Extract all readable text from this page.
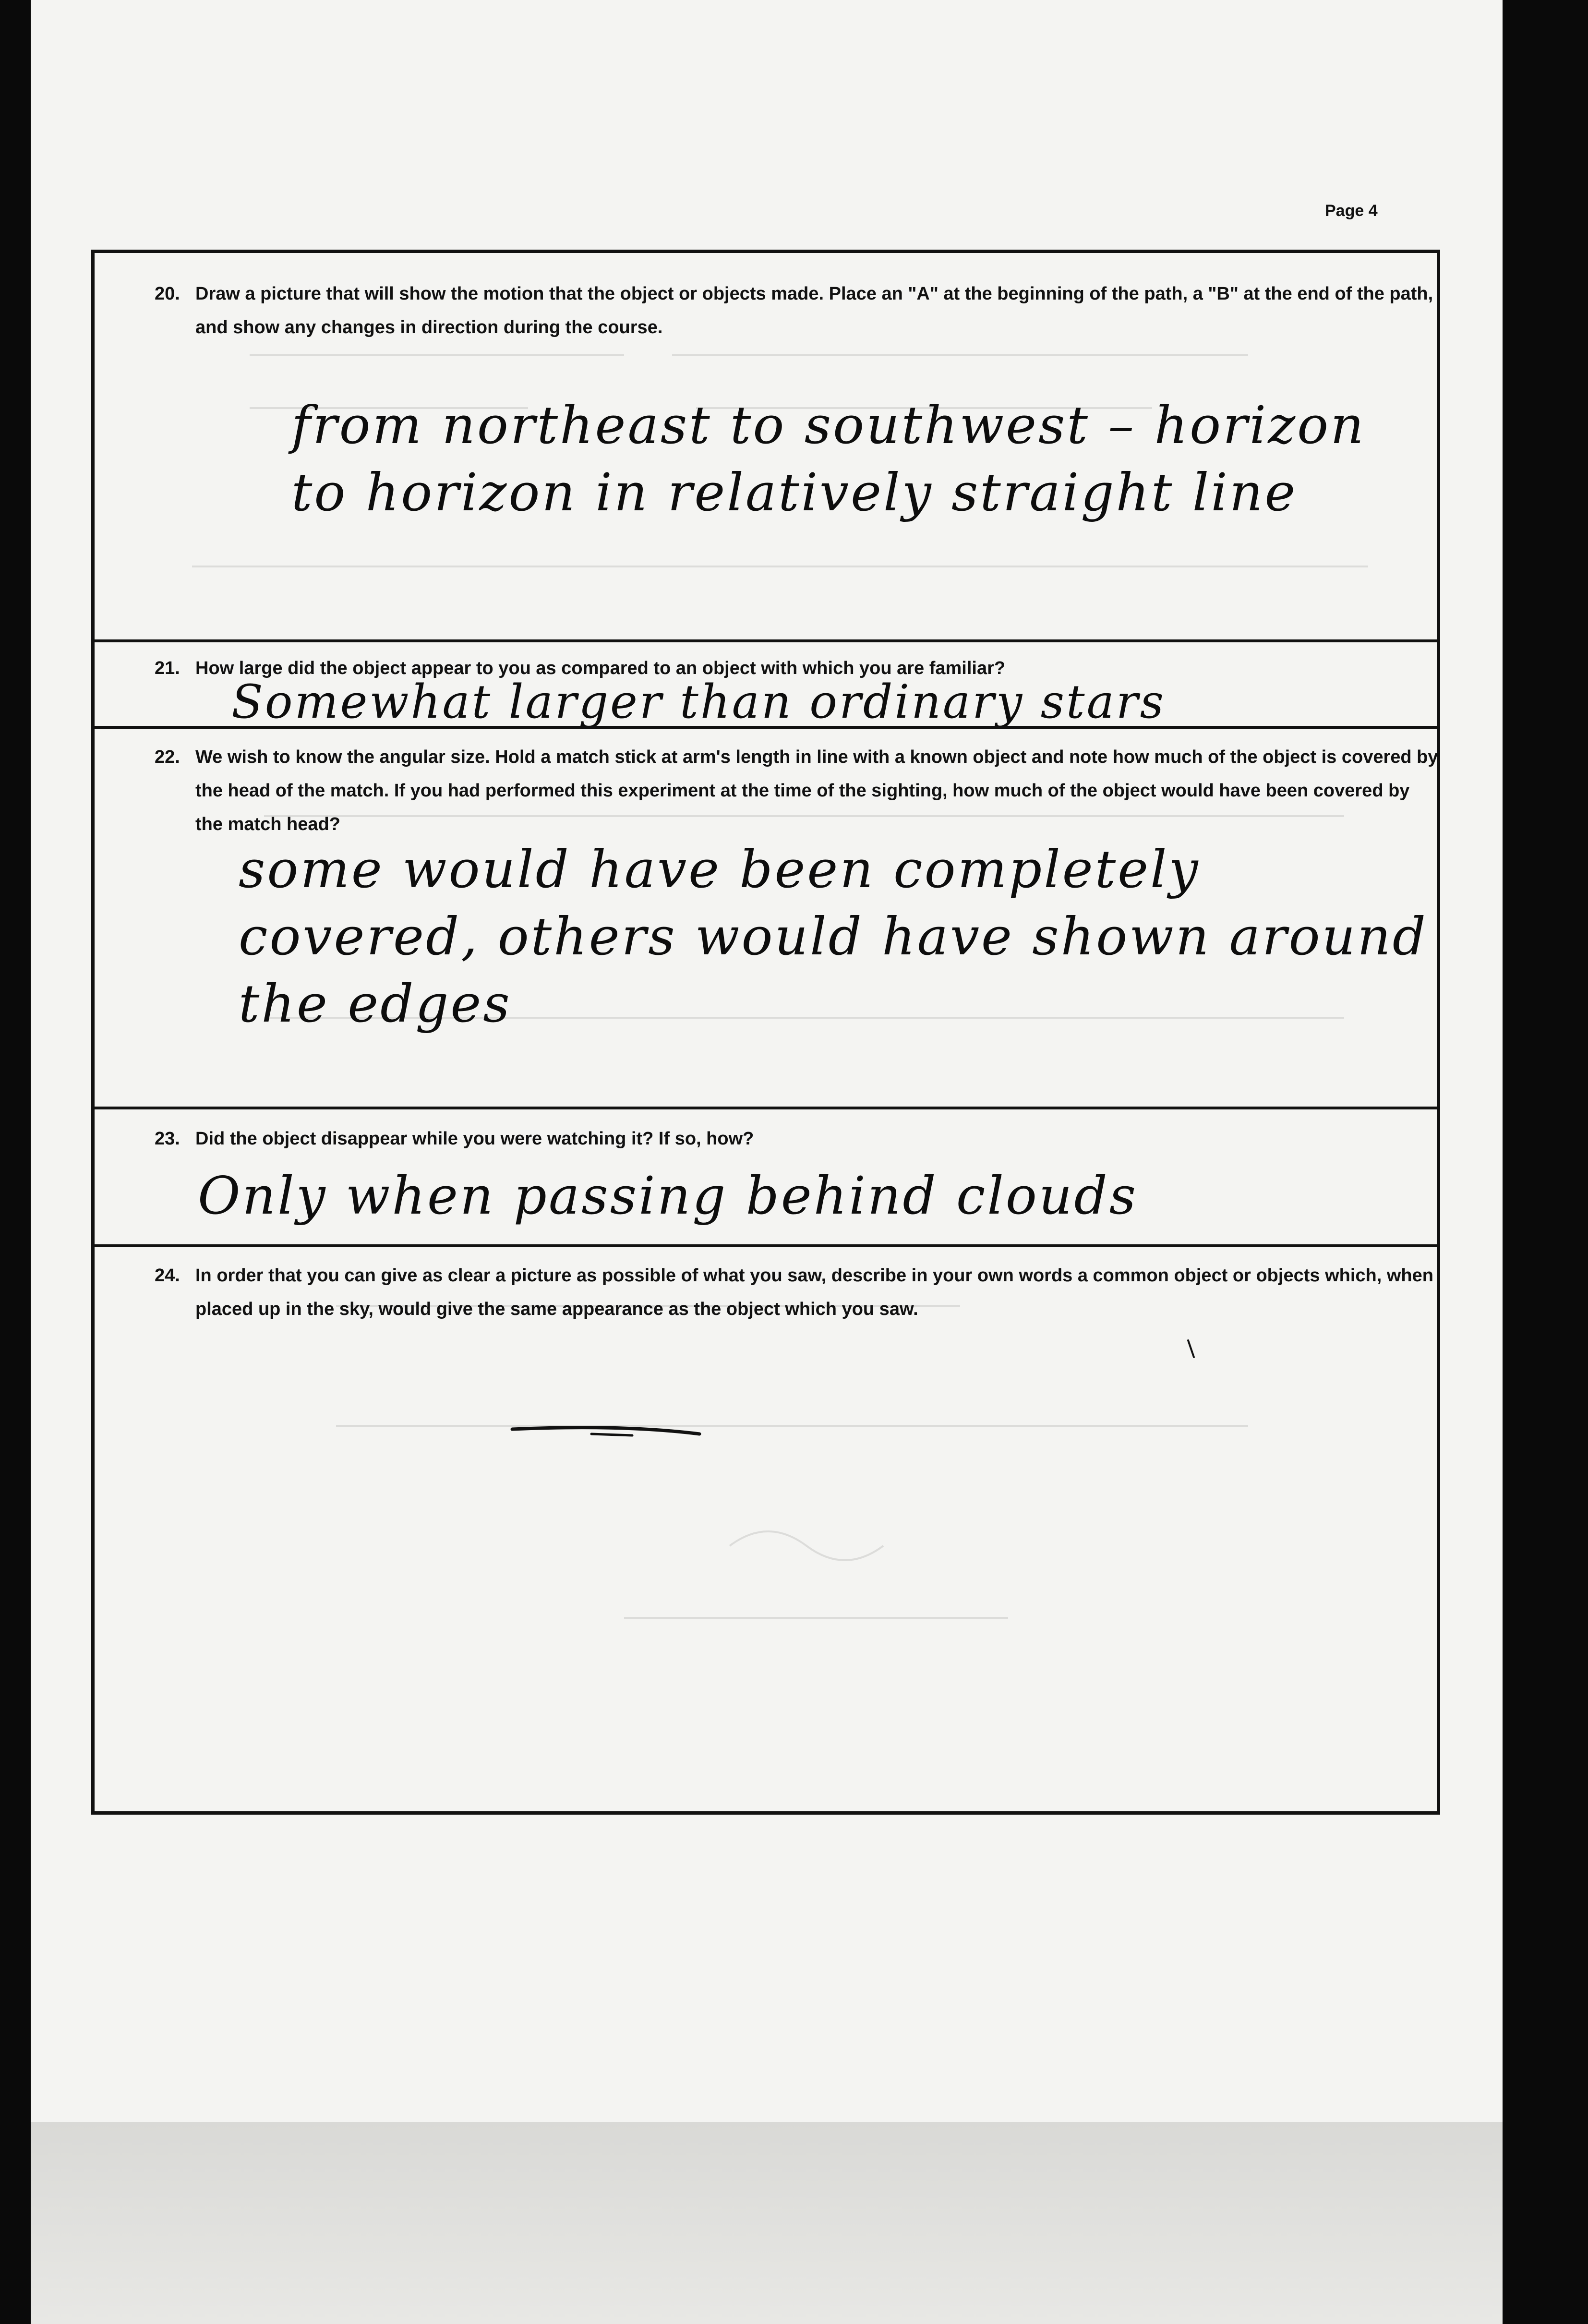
Page 4
20. Draw a picture that will show the motion that the object or objects made. Place an "A" at the beginning of the path, a "B" at the end of the path, and show any changes in direction during the course.
from northeast to southwest – horizon
to horizon in relatively straight line
21. How large did the object appear to you as compared to an object with which you are familiar?
Somewhat larger than ordinary stars
22. We wish to know the angular size. Hold a match stick at arm's length in line with a known object and note how much of the object is covered by the head of the match. If you had performed this experiment at the time of the sighting, how much of the object would have been covered by the match head?
some would have been completely
covered, others would have shown around
the edges
23. Did the object disappear while you were watching it? If so, how?
Only when passing behind clouds
24. In order that you can give as clear a picture as possible of what you saw, describe in your own words a common object or objects which, when placed up in the sky, would give the same appearance as the object which you saw.
